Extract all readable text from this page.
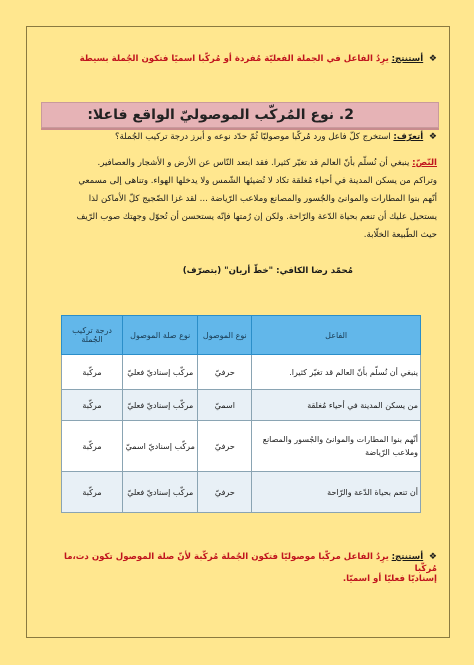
❖ أستنتج: يرِدُ الفاعل في الجملة الفعليّة مُفردة أو مُركّبا اسميًا فتكون الجُملة بسيطة
2. نوع المُركّب الموصوليّ الواقع فاعلا:
❖ أتعرّف: استخرج كلّ فاعل ورد مُركّبا موصوليّا ثُمّ حدّد نوعه و أبرز درجة تركيب الجُملة؟
النّصّ: ينبغي أن نُسلّم بأنّ العالم قد تغيّر كثيرا. فقد ابتعد النّاس عن الأرض و الأشجار والعصافير.
وتراكم من يسكن المدينة في أحياء مُغلقة تكاد لا تُضيئها الشّمس ولا يدخلها الهواء. وتناهى إلى مسمعي
أنّهم بنوا المطارات والموانئ والجُسور والمصانع وملاعب الرّياضة ... لقد غزا الضّجيج كلّ الأماكن لذا
يستحيل عليك أن تنعم بحياة الدّعة والرّاحة. ولكن إن رُمتها فإنّه يستحسن أن تُحوّل وجهتك صوب الرّيف
حيث الطّبيعة الخلّابة.
مُحمّد رضا الكافي: "خطّ أريان" (بتصرّف)
الفاعل	نوع الموصول	نوع صلة الموصول	درجة تركيب الجُملة
ينبغي أن نُسلّم بأنّ العالم قد تغيّر كثيرا.	حرفيّ	مركّب إسناديّ فعليّ	مركّبة
من يسكن المدينة في أحياء مُغلقة	اسميّ	مركّب إسناديّ فعليّ	مركّبة
أنّهم بنوا المطارات والموانئ والجُسور والمصانع وملاعب الرّياضة	حرفيّ	مركّب إسناديّ اسميّ	مركّبة
أن تنعم بحياة الدّعة والرّاحة	حرفيّ	مركّب إسناديّ فعليّ	مركّبة
❖ أستنتج: يرِدُ الفاعل مركّبا موصوليّا فتكون الجُملة مُركّبة لأنّ صلة الموصول تكون دت،ما مُركّبا
إسناديّا فعليّا أو اسميّا.
